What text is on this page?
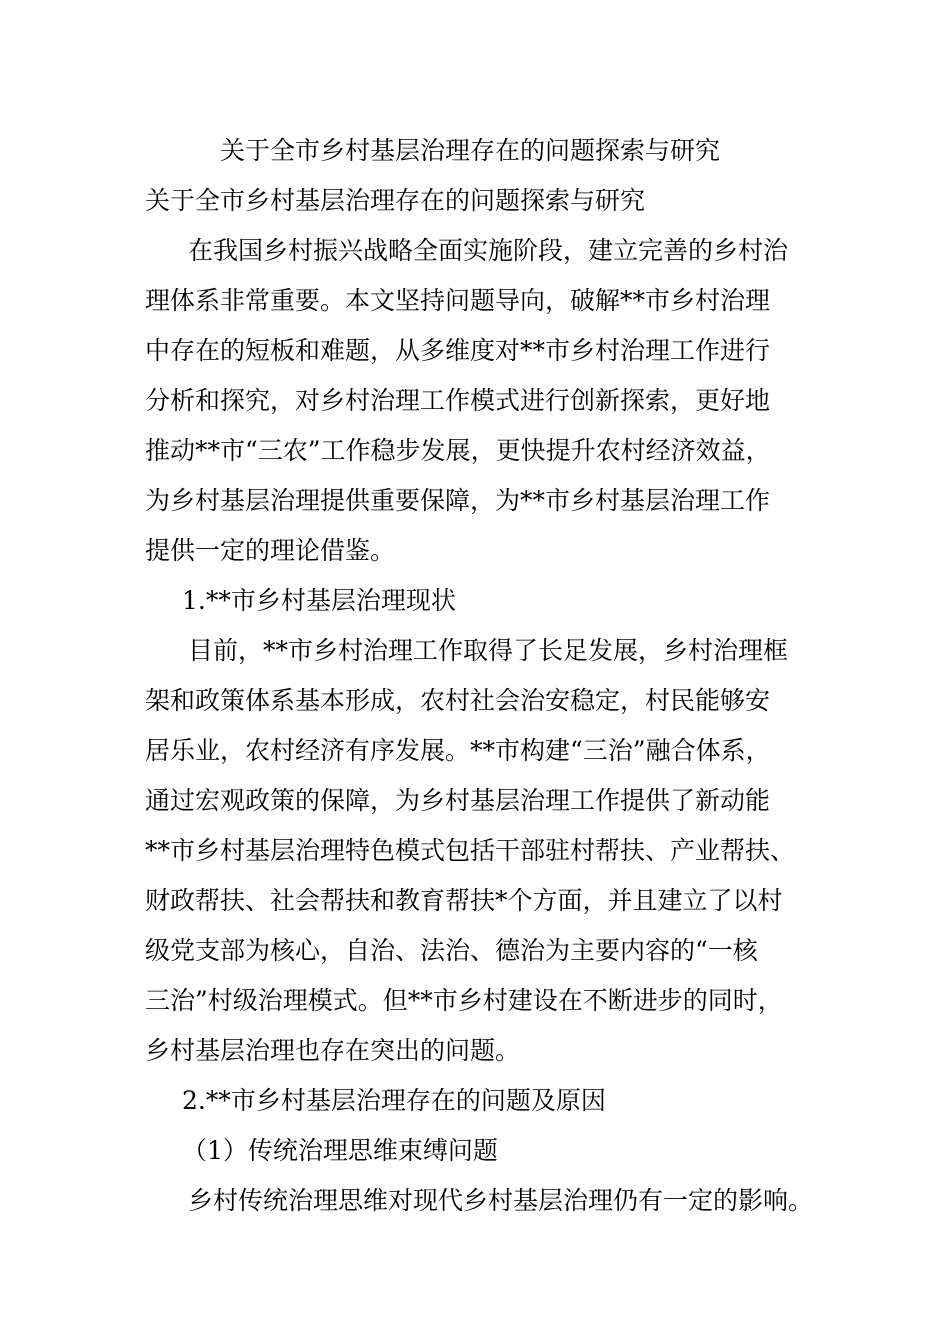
关于全市乡村基层治理存在的问题探索与研究
关于全市乡村基层治理存在的问题探索与研究
在我国乡村振兴战略全面实施阶段，建立完善的乡村治
理体系非常重要。本文坚持问题导向，破解**市乡村治理
中存在的短板和难题，从多维度对**市乡村治理工作进行
分析和探究，对乡村治理工作模式进行创新探索，更好地
推动**市“三农”工作稳步发展，更快提升农村经济效益，
为乡村基层治理提供重要保障，为**市乡村基层治理工作
提供一定的理论借鉴。
1.**市乡村基层治理现状
目前，**市乡村治理工作取得了长足发展，乡村治理框
架和政策体系基本形成，农村社会治安稳定，村民能够安
居乐业，农村经济有序发展。**市构建“三治”融合体系，
通过宏观政策的保障，为乡村基层治理工作提供了新动能
**市乡村基层治理特色模式包括干部驻村帮扶、产业帮扶、
财政帮扶、社会帮扶和教育帮扶*个方面，并且建立了以村
级党支部为核心，自治、法治、德治为主要内容的“一核
三治”村级治理模式。但**市乡村建设在不断进步的同时，
乡村基层治理也存在突出的问题。
2.**市乡村基层治理存在的问题及原因
（1）传统治理思维束缚问题
乡村传统治理思维对现代乡村基层治理仍有一定的影响。
